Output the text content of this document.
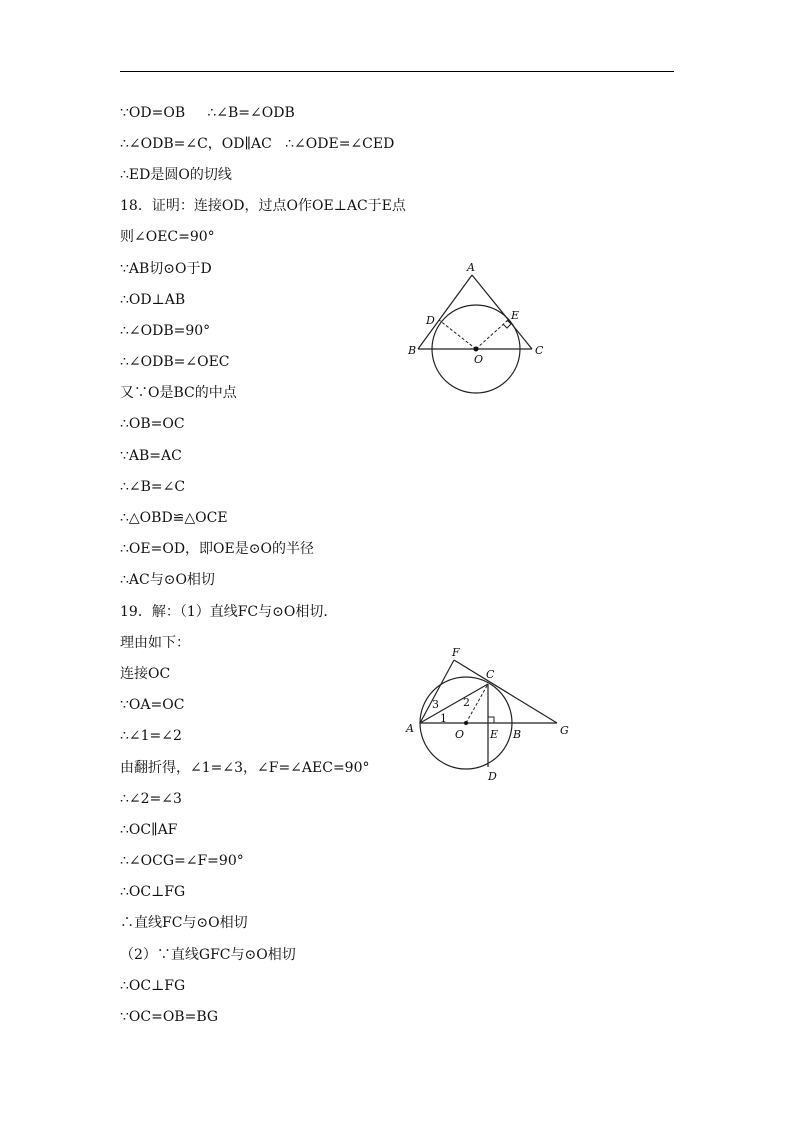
∵OD=OB     ∴∠B=∠ODB
∴∠ODB=∠C，OD∥AC   ∴∠ODE=∠CED
∴ED是圆O的切线
18．证明：连接OD，过点O作OE⊥AC于E点
则∠OEC=90°
∵AB切⊙O于D
∴OD⊥AB
∴∠ODB=90°
∴∠ODB=∠OEC
又∵O是BC的中点
∴OB=OC
∵AB=AC
∴∠B=∠C
∴△OBD≌△OCE
∴OE=OD，即OE是⊙O的半径
∴AC与⊙O相切
19．解：（1）直线FC与⊙O相切．
理由如下：
连接OC
∵OA=OC
∴∠1=∠2
由翻折得，∠1=∠3，∠F=∠AEC=90°
∴∠2=∠3
∴OC∥AF
∴∠OCG=∠F=90°
∴OC⊥FG
∴直线FC与⊙O相切
（2）∵直线GFC与⊙O相切
∴OC⊥FG
∵OC=OB=BG
A
B	C
D	E
O
F
C
A	O E B	G
D
1
2
3
